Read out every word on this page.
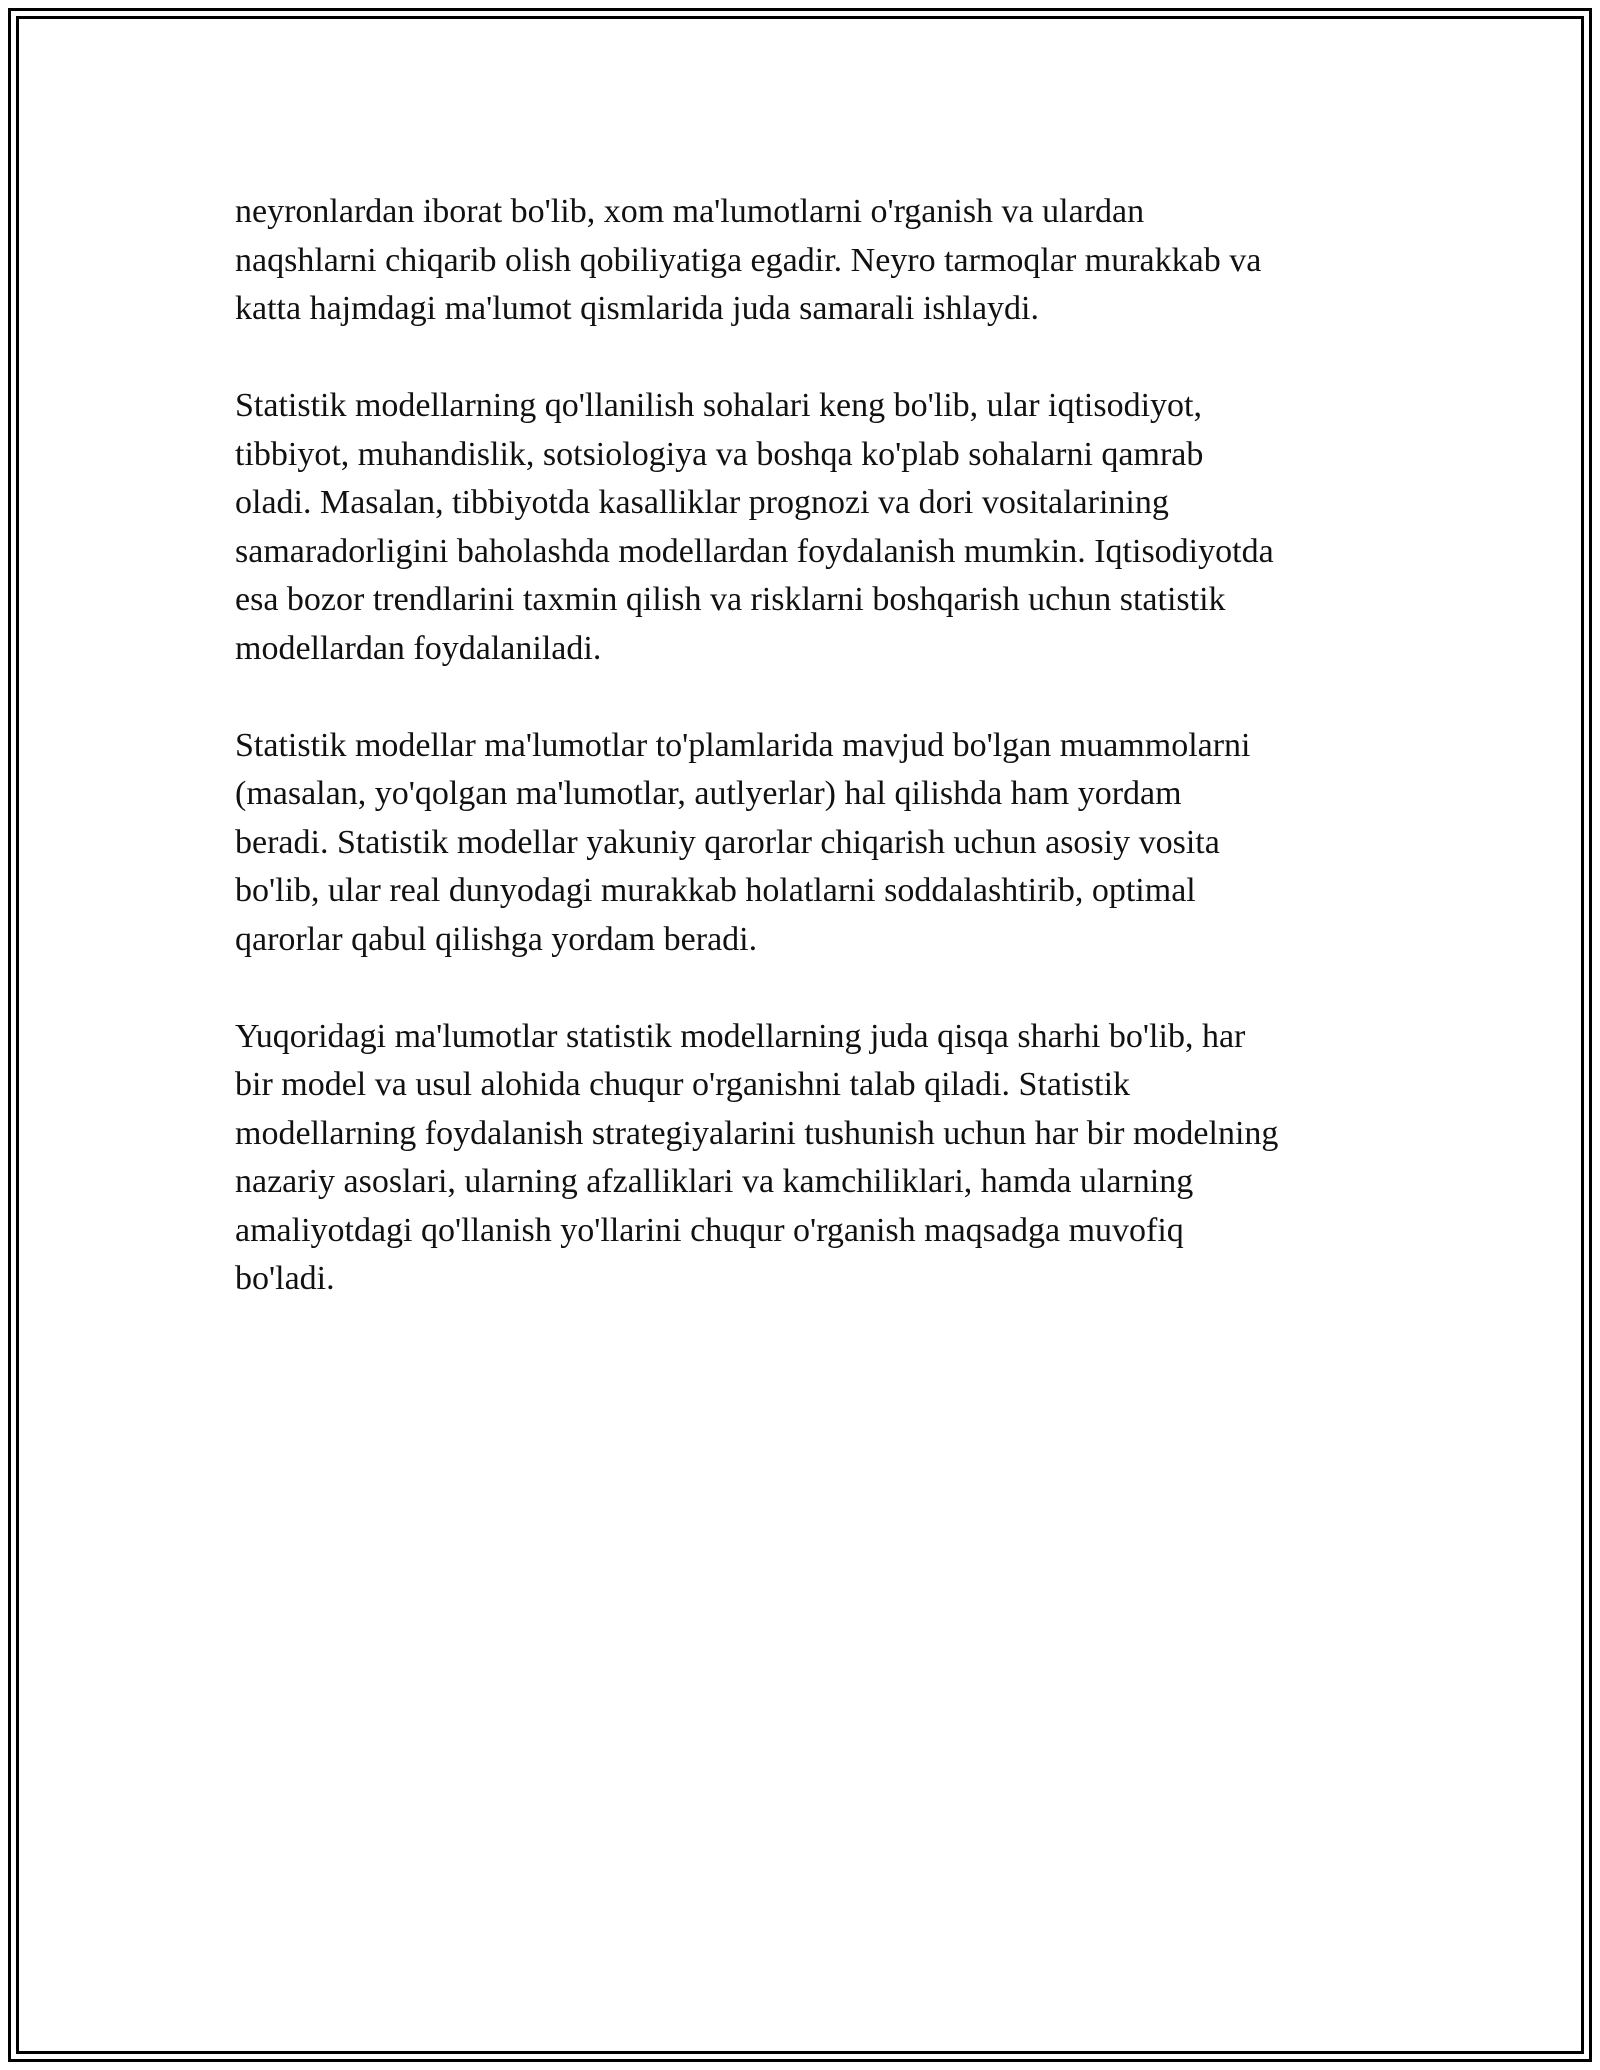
neyronlardan iborat bo'lib, xom ma'lumotlarni o'rganish va ulardan
naqshlarni chiqarib olish qobiliyatiga egadir. Neyro tarmoqlar murakkab va
katta hajmdagi ma'lumot qismlarida juda samarali ishlaydi.

Statistik modellarning qo'llanilish sohalari keng bo'lib, ular iqtisodiyot,
tibbiyot, muhandislik, sotsiologiya va boshqa ko'plab sohalarni qamrab
oladi. Masalan, tibbiyotda kasalliklar prognozi va dori vositalarining
samaradorligini baholashda modellardan foydalanish mumkin. Iqtisodiyotda
esa bozor trendlarini taxmin qilish va risklarni boshqarish uchun statistik
modellardan foydalaniladi.

Statistik modellar ma'lumotlar to'plamlarida mavjud bo'lgan muammolarni
(masalan, yo'qolgan ma'lumotlar, autlyerlar) hal qilishda ham yordam
beradi. Statistik modellar yakuniy qarorlar chiqarish uchun asosiy vosita
bo'lib, ular real dunyodagi murakkab holatlarni soddalashtirib, optimal
qarorlar qabul qilishga yordam beradi.

Yuqoridagi ma'lumotlar statistik modellarning juda qisqa sharhi bo'lib, har
bir model va usul alohida chuqur o'rganishni talab qiladi. Statistik
modellarning foydalanish strategiyalarini tushunish uchun har bir modelning
nazariy asoslari, ularning afzalliklari va kamchiliklari, hamda ularning
amaliyotdagi qo'llanish yo'llarini chuqur o'rganish maqsadga muvofiq
bo'ladi.
